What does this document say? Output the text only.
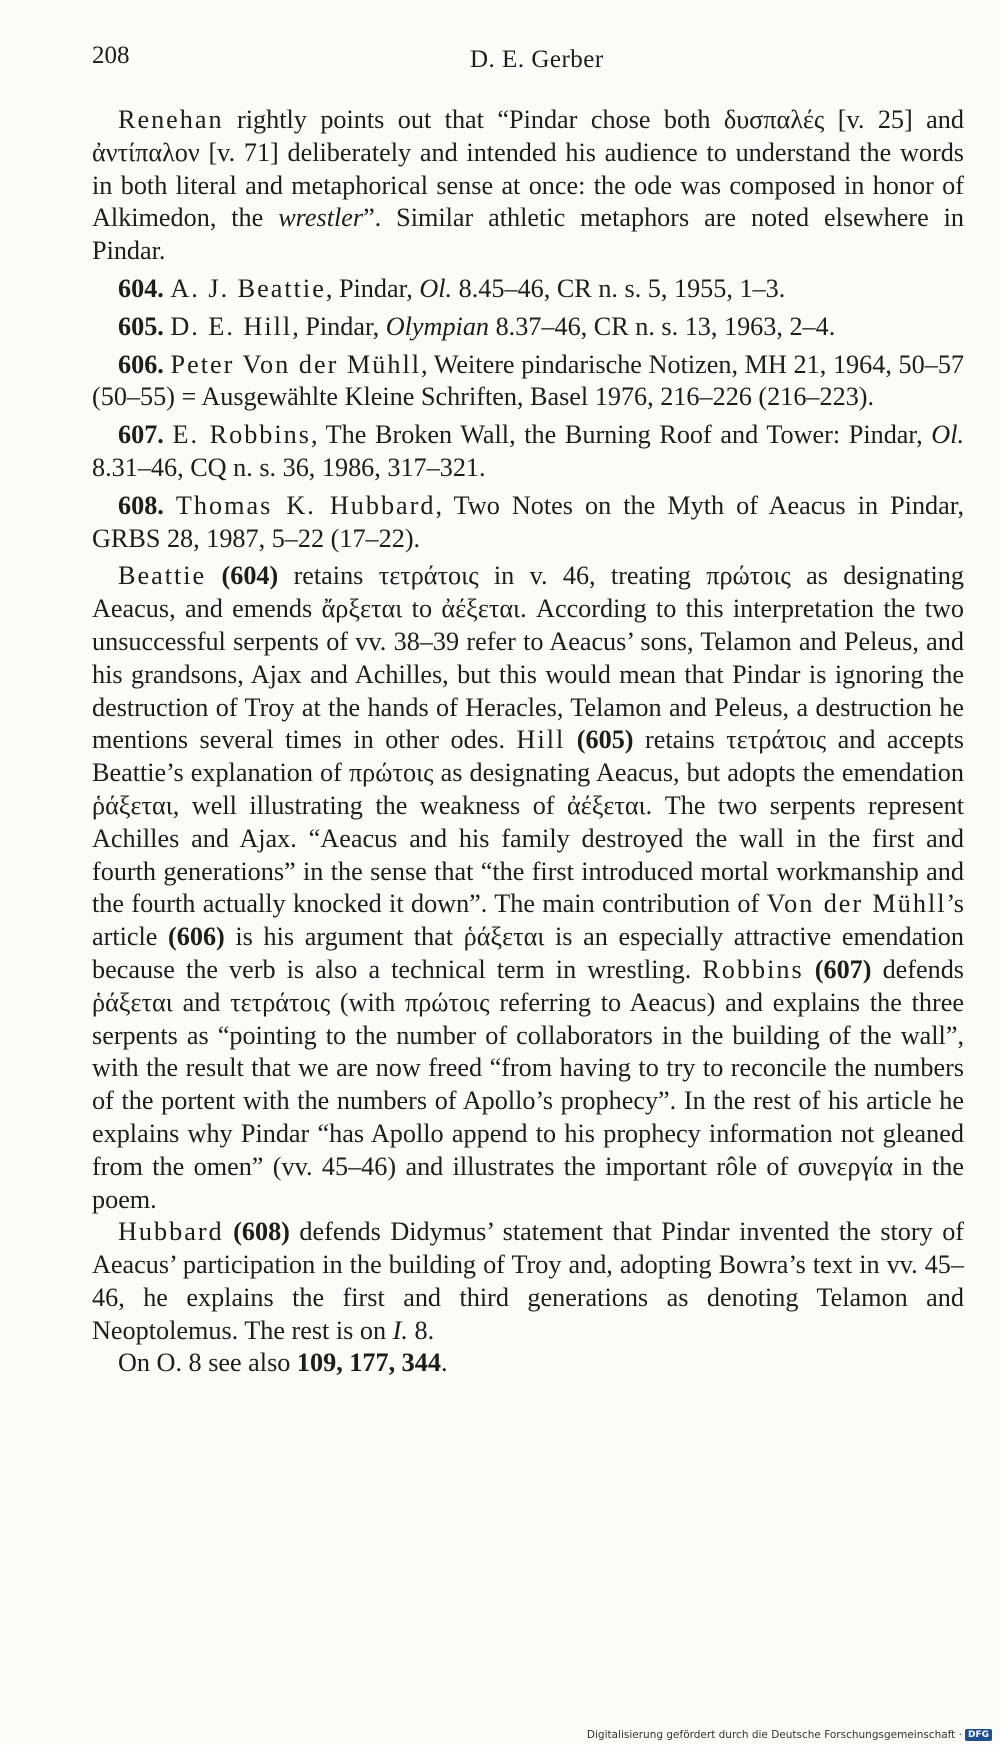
208	D. E. Gerber

Renehan rightly points out that “Pindar chose both δυσπαλές [v. 25] and ἀντίπαλον [v. 71] deliberately and intended his audience to understand the words in both literal and metaphorical sense at once: the ode was composed in honor of Alkimedon, the wrestler”. Similar athletic metaphors are noted elsewhere in Pindar.

604. A. J. Beattie, Pindar, Ol. 8.45–46, CR n. s. 5, 1955, 1–3.

605. D. E. Hill, Pindar, Olympian 8.37–46, CR n. s. 13, 1963, 2–4.

606. Peter Von der Mühll, Weitere pindarische Notizen, MH 21, 1964, 50–57 (50–55) = Ausgewählte Kleine Schriften, Basel 1976, 216–226 (216–223).

607. E. Robbins, The Broken Wall, the Burning Roof and Tower: Pindar, Ol. 8.31–46, CQ n. s. 36, 1986, 317–321.

608. Thomas K. Hubbard, Two Notes on the Myth of Aeacus in Pindar, GRBS 28, 1987, 5–22 (17–22).

Beattie (604) retains τετράτοις in v. 46, treating πρώτοις as designating Aeacus, and emends ἄρξεται to ἀέξεται. According to this interpretation the two unsuccessful serpents of vv. 38–39 refer to Aeacus’ sons, Telamon and Peleus, and his grandsons, Ajax and Achilles, but this would mean that Pindar is ignoring the destruction of Troy at the hands of Heracles, Telamon and Peleus, a destruction he mentions several times in other odes. Hill (605) retains τετράτοις and accepts Beattie’s explanation of πρώτοις as designating Aeacus, but adopts the emendation ῥάξεται, well illustrating the weakness of ἀέξεται. The two serpents represent Achilles and Ajax. “Aeacus and his family destroyed the wall in the first and fourth generations” in the sense that “the first introduced mortal workmanship and the fourth actually knocked it down”. The main contribution of Von der Mühll’s article (606) is his argument that ῥάξεται is an especially attractive emendation because the verb is also a technical term in wrestling. Robbins (607) defends ῥάξεται and τετράτοις (with πρώτοις referring to Aeacus) and explains the three serpents as “pointing to the number of collaborators in the building of the wall”, with the result that we are now freed “from having to try to reconcile the numbers of the portent with the numbers of Apollo’s prophecy”. In the rest of his article he explains why Pindar “has Apollo append to his prophecy information not gleaned from the omen” (vv. 45–46) and illustrates the important rôle of συνεργία in the poem.

Hubbard (608) defends Didymus’ statement that Pindar invented the story of Aeacus’ participation in the building of Troy and, adopting Bowra’s text in vv. 45–46, he explains the first and third generations as denoting Telamon and Neoptolemus. The rest is on I. 8.

On O. 8 see also 109, 177, 344.

Digitalisierung gefördert durch die Deutsche Forschungsgemeinschaft · DFG
